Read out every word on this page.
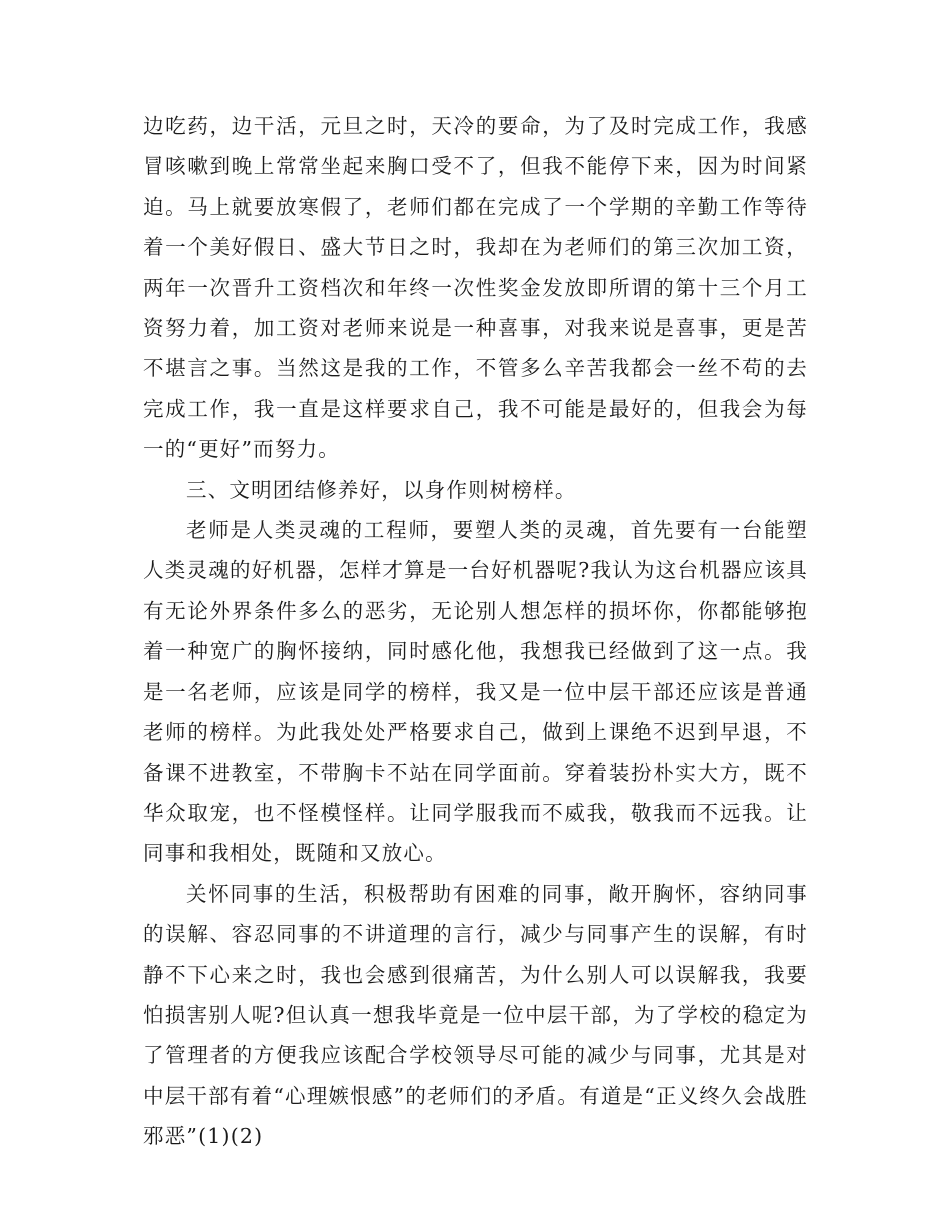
边吃药，边干活，元旦之时，天冷的要命，为了及时完成工作，我感冒咳嗽到晚上常常坐起来胸口受不了，但我不能停下来，因为时间紧迫。马上就要放寒假了，老师们都在完成了一个学期的辛勤工作等待着一个美好假日、盛大节日之时，我却在为老师们的第三次加工资，两年一次晋升工资档次和年终一次性奖金发放即所谓的第十三个月工资努力着，加工资对老师来说是一种喜事，对我来说是喜事，更是苦不堪言之事。当然这是我的工作，不管多么辛苦我都会一丝不苟的去完成工作，我一直是这样要求自己，我不可能是最好的，但我会为每一的“更好”而努力。

三、文明团结修养好，以身作则树榜样。

老师是人类灵魂的工程师，要塑人类的灵魂，首先要有一台能塑人类灵魂的好机器，怎样才算是一台好机器呢?我认为这台机器应该具有无论外界条件多么的恶劣，无论别人想怎样的损坏你，你都能够抱着一种宽广的胸怀接纳，同时感化他，我想我已经做到了这一点。我是一名老师，应该是同学的榜样，我又是一位中层干部还应该是普通老师的榜样。为此我处处严格要求自己，做到上课绝不迟到早退，不备课不进教室，不带胸卡不站在同学面前。穿着装扮朴实大方，既不华众取宠，也不怪模怪样。让同学服我而不威我，敬我而不远我。让同事和我相处，既随和又放心。

关怀同事的生活，积极帮助有困难的同事，敞开胸怀，容纳同事的误解、容忍同事的不讲道理的言行，减少与同事产生的误解，有时静不下心来之时，我也会感到很痛苦，为什么别人可以误解我，我要怕损害别人呢?但认真一想我毕竟是一位中层干部，为了学校的稳定为了管理者的方便我应该配合学校领导尽可能的减少与同事，尤其是对中层干部有着“心理嫉恨感”的老师们的矛盾。有道是“正义终久会战胜邪恶”(1)(2)
